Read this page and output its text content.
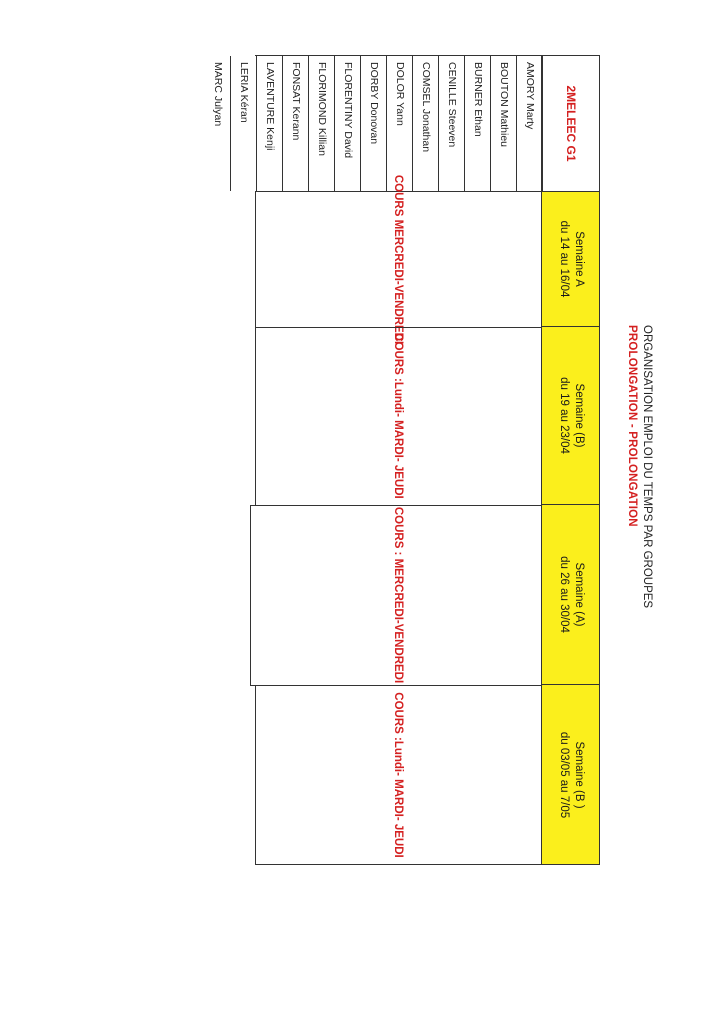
ORGANISATION EMPLOI DU TEMPS PAR GROUPES
PROLONGATION - PROLONGATION
2MELEEC G1
Semaine A
du 14 au 16/04
Semaine (B)
du 19 au 23/04
Semaine (A)
du 26 au 30/04
Semaine (B )
du 03/05 au 7/05
AMORY Marty
BOUTON Mathieu
BURNER Ethan
CENILLE Steeven
COMSEL Jonathan
DOLOR Yann
DORBY Donovan
FLORENTINY David
FLORIMOND Killian
FONSAT Kerann
LAVENTURE Kenji
LERIA Kéran
MARC Julyan
COURS MERCREDI-VENDREDI
COURS :Lundi- MARDI- JEUDI
COURS : MERCREDI-VENDREDI
COURS :Lundi- MARDI- JEUDI
